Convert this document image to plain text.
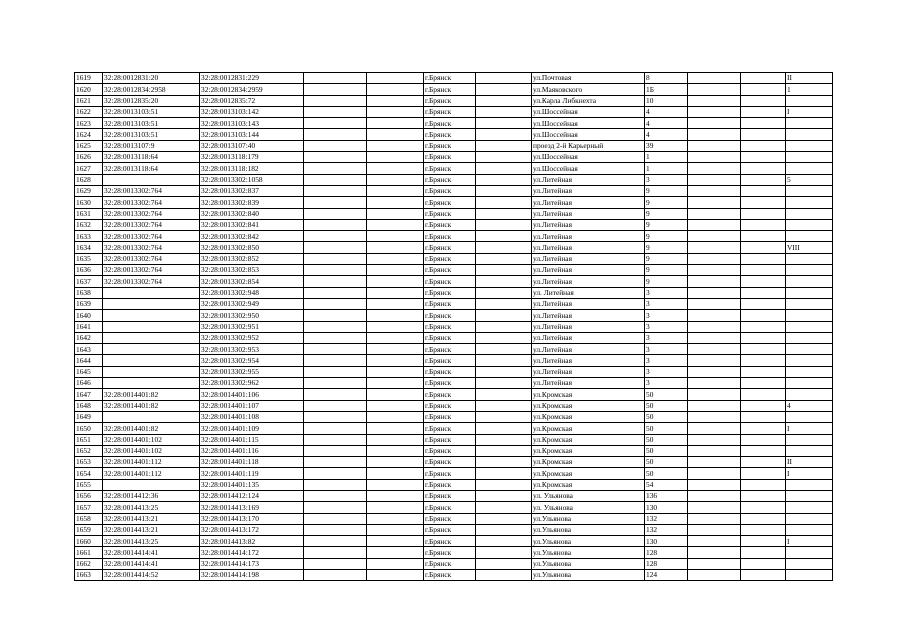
1619	32:28:0012831:20	32:28:0012831:229			г.Брянск		ул.Почтовая	8			II
1620	32:28:0012834:2958	32:28:0012834:2959			г.Брянск		ул.Маяковского	1Б			1
1621	32:28:0012835:20	32:28:0012835:72			г.Брянск		ул.Карла Либкнехта	10			
1622	32:28:0013103:51	32:28:0013103:142			г.Брянск		ул.Шоссейная	4			I
1623	32:28:0013103:51	32:28:0013103:143			г.Брянск		ул.Шоссейная	4			
1624	32:28:0013103:51	32:28:0013103:144			г.Брянск		ул.Шоссейная	4			
1625	32:28:0013107:9	32:28:0013107:40			г.Брянск		проезд 2-й Карьерный	39			
1626	32:28:0013118:64	32:28:0013118:179			г.Брянск		ул.Шоссейная	1			
1627	32:28:0013118:64	32:28:0013118:182			г.Брянск		ул.Шоссейная	1			
1628		32:28:0013302:1058			г.Брянск		ул.Литейная	3			5
1629	32:28:0013302:764	32:28:0013302:837			г.Брянск		ул.Литейная	9			
1630	32:28:0013302:764	32:28:0013302:839			г.Брянск		ул.Литейная	9			
1631	32:28:0013302:764	32:28:0013302:840			г.Брянск		ул.Литейная	9			
1632	32:28:0013302:764	32:28:0013302:841			г.Брянск		ул.Литейная	9			
1633	32:28:0013302:764	32:28:0013302:842			г.Брянск		ул.Литейная	9			
1634	32:28:0013302:764	32:28:0013302:850			г.Брянск		ул.Литейная	9			VIII
1635	32:28:0013302:764	32:28:0013302:852			г.Брянск		ул.Литейная	9			
1636	32:28:0013302:764	32:28:0013302:853			г.Брянск		ул.Литейная	9			
1637	32:28:0013302:764	32:28:0013302:854			г.Брянск		ул.Литейная	9			
1638		32:28:0013302:948			г.Брянск		ул. Литейная	3			
1639		32:28:0013302:949			г.Брянск		ул.Литейная	3			
1640		32:28:0013302:950			г.Брянск		ул.Литейная	3			
1641		32:28:0013302:951			г.Брянск		ул.Литейная	3			
1642		32:28:0013302:952			г.Брянск		ул.Литейная	3			
1643		32:28:0013302:953			г.Брянск		ул.Литейная	3			
1644		32:28:0013302:954			г.Брянск		ул.Литейная	3			
1645		32:28:0013302:955			г.Брянск		ул.Литейная	3			
1646		32:28:0013302:962			г.Брянск		ул.Литейная	3			
1647	32:28:0014401:82	32:28:0014401:106			г.Брянск		ул.Кромская	50			
1648	32:28:0014401:82	32:28:0014401:107			г.Брянск		ул.Кромская	50			4
1649		32:28:0014401:108			г.Брянск		ул.Кромская	50			
1650	32:28:0014401:82	32:28:0014401:109			г.Брянск		ул.Кромская	50			I
1651	32:28:0014401:102	32:28:0014401:115			г.Брянск		ул.Кромская	50			
1652	32:28:0014401:102	32:28:0014401:116			г.Брянск		ул.Кромская	50			
1653	32:28:0014401:112	32:28:0014401:118			г.Брянск		ул.Кромская	50			II
1654	32:28:0014401:112	32:28:0014401:119			г.Брянск		ул.Кромская	50			I
1655		32:28:0014401:135			г.Брянск		ул.Кромская	54			
1656	32:28:0014412:36	32:28:0014412:124			г.Брянск		ул. Ульянова	136			
1657	32:28:0014413:25	32:28:0014413:169			г.Брянск		ул. Ульянова	130			
1658	32:28:0014413:21	32:28:0014413:170			г.Брянск		ул.Ульянова	132			
1659	32:28:0014413:21	32:28:0014413:172			г.Брянск		ул.Ульянова	132			
1660	32:28:0014413:25	32:28:0014413:82			г.Брянск		ул.Ульянова	130			I
1661	32:28:0014414:41	32:28:0014414:172			г.Брянск		ул.Ульянова	128			
1662	32:28:0014414:41	32:28:0014414:173			г.Брянск		ул.Ульянова	128			
1663	32:28:0014414:52	32:28:0014414:198			г.Брянск		ул.Ульянова	124			
